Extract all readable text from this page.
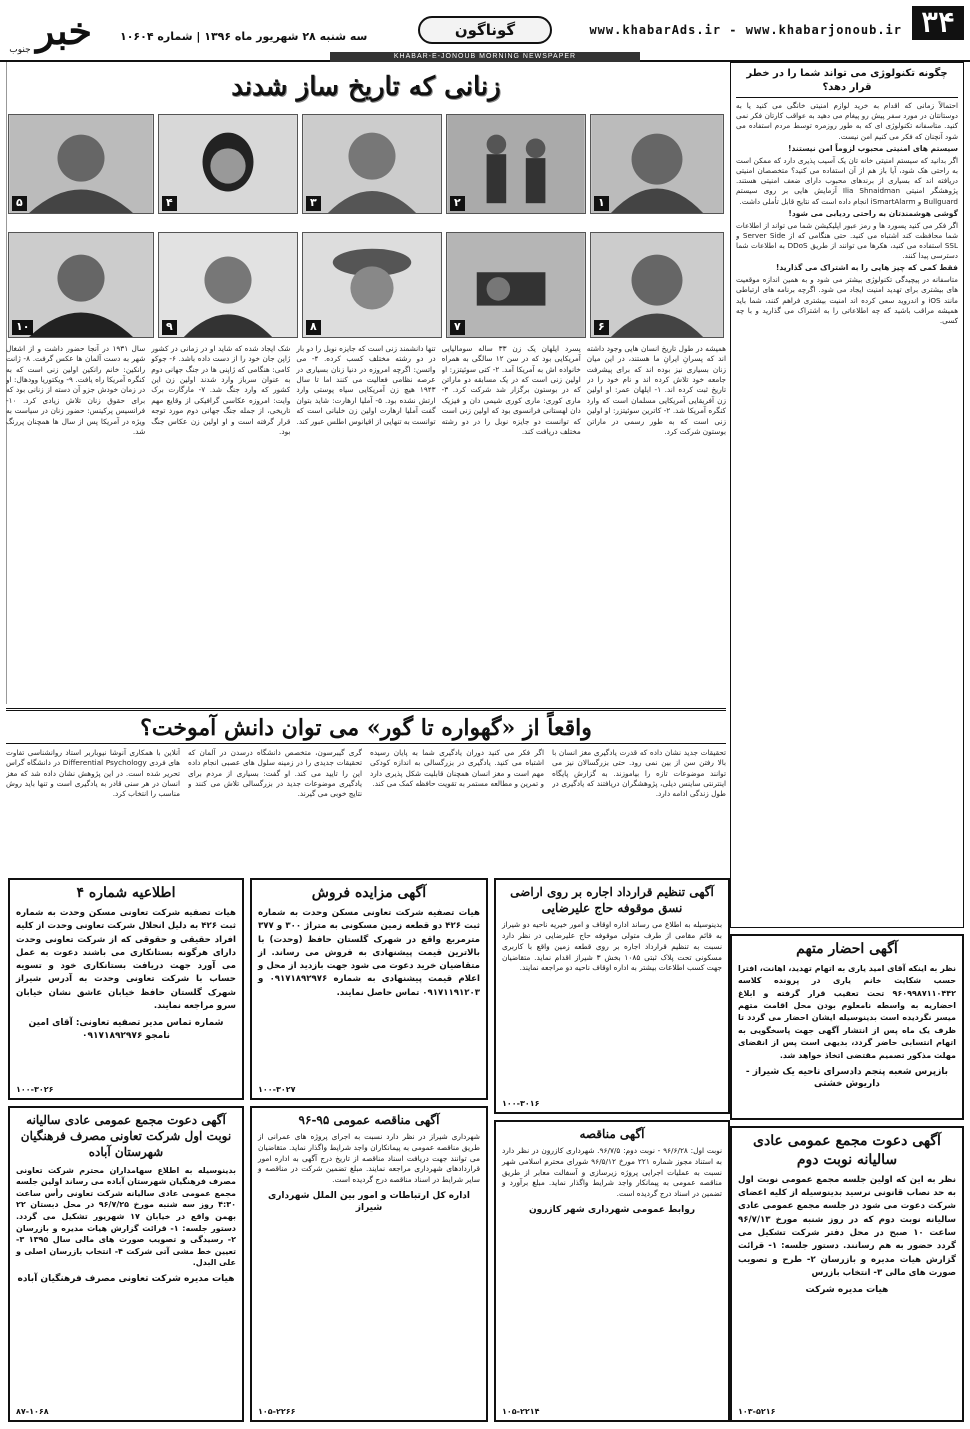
۳۴
www.khabarAds.ir - www.khabarjonoub.ir
گوناگون
سه شنبه ۲۸ شهریور ماه ۱۳۹۶ | شماره ۱۰۶۰۴
خبر
جنوب
KHABAR-E-JONOUB MORNING NEWSPAPER
زنانی که تاریخ ساز شدند
۱
۲
۳
۴
۵
۶
۷
۸
۹
۱۰
همیشه در طول تاریخ انسان هایی وجود داشته اند که پسرانِ ایرانِ ما هستند، در این میان زنان بسیاری نیز بوده اند که برای پیشرفت جامعه خود تلاش کرده اند و نام خود را در تاریخ ثبت کرده اند. ۱- ایلهان عمر: او اولین زن آفریقایی آمریکایی مسلمان است که وارد کنگره آمریکا شد. ۲- کاترین سوئیتزر: او اولین زنی است که به طور رسمی در ماراتن بوستون شرکت کرد.
پسرد ایلهان یک زن ۳۳ ساله سومالیایی آمریکایی بود که در سن ۱۲ سالگی به همراه خانواده اش به آمریکا آمد. ۲- کتی سوئیتزر: او اولین زنی است که در یک مسابقه دو ماراتن که در بوستون برگزار شد شرکت کرد. ۳- ماری کوری: ماری کوری شیمی دان و فیزیک دان لهستانی فرانسوی بود که اولین زنی است که توانست دو جایزه نوبل را در دو رشته مختلف دریافت کند.
تنها دانشمند زنی است که جایزه نوبل را دو بار در دو رشته مختلف کسب کرده. ۴- می واتسن: اگرچه امروزه در دنیا زنان بسیاری در عرصه نظامی فعالیت می کنند اما تا سال ۱۹۴۳ هیچ زن آمریکایی سیاه پوستی وارد ارتش نشده بود. ۵- آملیا ارهارت: شاید بتوان گفت آملیا ارهارت اولین زن خلبانی است که توانست به تنهایی از اقیانوس اطلس عبور کند.
شک ایجاد شده که شاید او در زمانی در کشور ژاپن جان خود را از دست داده باشد. ۶- جوکو کامی: هنگامی که ژاپنی ها در جنگ جهانی دوم به عنوان سرباز وارد شدند اولین زن این کشور که وارد جنگ شد. ۷- مارگارت برک وایت: امروزه عکاسی گرافیکی از وقایع مهم تاریخی، از جمله جنگ جهانی دوم مورد توجه قرار گرفته است و او اولین زن عکاس جنگ بود.
سال ۱۹۳۱ در آنجا حضور داشت و از اشغال شهر به دست آلمان ها عکس گرفت. ۸- ژانت رانکین: خانم رانکین اولین زنی است که به کنگره آمریکا راه یافت. ۹- ویکتوریا وودهال: او در زمان خودش جزو آن دسته از زنانی بود که برای حقوق زنان تلاش زیادی کرد. ۱۰- فرانسیس پرکینس: حضور زنان در سیاست به ویژه در آمریکا پس از سال ها همچنان پررنگ شد.
چگونه تکنولوژی می تواند شما را در خطر قرار دهد؟

احتمالاً زمانی که اقدام به خرید لوازم امنیتی خانگی می کنید یا به دوستانتان در مورد سفر پیش رو پیغام می دهید به عواقب کارتان فکر نمی کنید. متاسفانه تکنولوژی ای که به طور روزمره توسط مردم استفاده می شود آنچنان که فکر می کنیم امن نیست.

سیستم های امنیتی محبوب لزوماً امن نیستند!

اگر بدانید که سیستم امنیتی خانه تان یک آسیب پذیری دارد که ممکن است به راحتی هک شود، آیا باز هم از آن استفاده می کنید؟ متخصصان امنیتی دریافته اند که بسیاری از برندهای محبوب دارای ضعف امنیتی هستند. پژوهشگر امنیتی Ilia Shnaidman آزمایش هایی بر روی سیستم Bullguard و iSmartAlarm انجام داده است که نتایج قابل تأملی داشت.

گوشی هوشمندتان به راحتی ردیابی می شود!

اگر فکر می کنید پسورد ها و رمز عبور اپلیکیشن شما می تواند از اطلاعات شما محافظت کند اشتباه می کنید. حتی هنگامی که از Server Side و SSL استفاده می کنید، هکرها می توانند از طریق DDoS به اطلاعات شما دسترسی پیدا کنند.

فقط کمی که چیز هایی را به اشتراک می گذارید!

متاسفانه در پیچیدگی تکنولوژی بیشتر می شود و به همین اندازه موقعیت های بیشتری برای تهدید امنیت ایجاد می شود. اگرچه برنامه های ارتباطی مانند iOS و اندروید سعی کرده اند امنیت بیشتری فراهم کنند، شما باید همیشه مراقب باشید که چه اطلاعاتی را به اشتراک می گذارید و با چه کسی.

واقعاً از «گهواره تا گور» می توان دانش آموخت؟
تحقیقات جدید نشان داده که قدرت یادگیری مغز انسان با بالا رفتن سن از بین نمی رود. حتی بزرگسالان نیز می توانند موضوعات تازه را بیاموزند. به گزارش پایگاه اینترنتی ساینس دیلی، پژوهشگران دریافتند که یادگیری در طول زندگی ادامه دارد.
اگر فکر می کنید دوران یادگیری شما به پایان رسیده اشتباه می کنید. یادگیری در بزرگسالی به اندازه کودکی مهم است و مغز انسان همچنان قابلیت شکل پذیری دارد و تمرین و مطالعه مستمر به تقویت حافظه کمک می کند.
گری گیبرسون، متخصص دانشگاه درسدن در آلمان که تحقیقات جدیدی را در زمینه سلول های عصبی انجام داده این را تایید می کند. او گفت: بسیاری از مردم برای یادگیری موضوعات جدید در بزرگسالی تلاش می کنند و نتایج خوبی می گیرند.
آنلاین با همکاری آنوشا نیوباربر استاد روانشناسی تفاوت های فردی Differential Psychology در دانشگاه گراس تحریر شده است. در این پژوهش نشان داده شد که مغز انسان در هر سنی قادر به یادگیری است و تنها باید روش مناسب را انتخاب کرد.
اطلاعیه شماره ۴

هیات تصفیه شرکت تعاونی مسکن وحدت به شماره ثبت ۴۲۶ به دلیل انحلال شرکت تعاونی وحدت از کلیه افراد حقیقی و حقوقی که از شرکت تعاونی وحدت دارای هرگونه بستانکاری می باشند دعوت به عمل می آورد جهت دریافت بستانکاری خود و تسویه حساب با شرکت تعاونی وحدت به آدرس شیراز شهرک گلستان حافظ خیابان عاشق نشان خیابان سرو مراجعه نمایند.

شماره تماس مدیر تصفیه تعاونی: آقای امین نامجو ۰۹۱۷۱۸۹۲۹۷۶
۱۰۰-۳۰۲۶
آگهی مزایده فروش

هیات تصفیه شرکت تعاونی مسکن وحدت به شماره ثبت ۴۲۶ دو قطعه زمین مسکونی به متراژ ۳۰۰ و ۳۷۷ مترمربع واقع در شهرک گلستان حافظ (وحدت) با بالاترین قیمت پیشنهادی به فروش می رساند. از متقاضیان خرید دعوت می شود جهت بازدید از محل و اعلام قیمت پیشنهادی به شماره ۰۹۱۷۱۸۹۲۹۷۶ و ۰۹۱۷۱۱۹۱۲۰۳ تماس حاصل نمایند.

۱۰۰-۳۰۲۷
آگهی تنظیم قرارداد اجاره بر روی اراضی نسق موقوفه حاج علیرضایی

بدینوسیله به اطلاع می رساند اداره اوقاف و امور خیریه ناحیه دو شیراز به قائم مقامی از طرف متولی موقوفه حاج علیرضایی در نظر دارد نسبت به تنظیم قرارداد اجاره بر روی قطعه زمین واقع با کاربری مسکونی تحت پلاک ثبتی ۱۰۸۵ بخش ۳ شیراز اقدام نماید. متقاضیان جهت کسب اطلاعات بیشتر به اداره اوقاف ناحیه دو مراجعه نمایند.

۱۰۰-۳۰۱۶
آگهی احضار متهم

نظر به اینکه آقای امید یاری به اتهام تهدید، اهانت، افترا حسب شکایت خانم یاری در پرونده کلاسه ۹۶۰۹۹۸۷۱۱۰۴۴۲ تحت تعقیب قرار گرفته و ابلاغ احضاریه به واسطه نامعلوم بودن محل اقامت متهم میسر نگردیده است بدینوسیله ایشان احضار می گردد تا ظرف یک ماه پس از انتشار آگهی جهت پاسخگویی به اتهام انتسابی حاضر گردد، بدیهی است پس از انقضای مهلت مذکور تصمیم مقتضی اتخاذ خواهد شد.

بازپرس شعبه پنجم دادسرای ناحیه یک شیراز - داریوش خشتی
آگهی دعوت مجمع عمومی عادی سالیانه نوبت دوم

نظر به این که اولین جلسه مجمع عمومی نوبت اول به حد نصاب قانونی نرسید بدینوسیله از کلیه اعضای شرکت دعوت می شود در جلسه مجمع عمومی عادی سالیانه نوبت دوم که در روز شنبه مورخ ۹۶/۷/۱۳ ساعت ۱۰ صبح در محل دفتر شرکت تشکیل می گردد حضور به هم رسانند. دستور جلسه: ۱- قرائت گزارش هیات مدیره و بازرسان ۲- طرح و تصویب صورت های مالی ۳- انتخاب بازرس

هیات مدیره شرکت
۱۰۳-۵۲۱۶
آگهی دعوت مجمع عمومی عادی سالیانه نوبت اول شرکت تعاونی مصرف فرهنگیان شهرستان آباده

بدینوسیله به اطلاع سهامداران محترم شرکت تعاونی مصرف فرهنگیان شهرستان آباده می رساند اولین جلسه مجمع عمومی عادی سالیانه شرکت تعاونی رأس ساعت ۴:۳۰ روز سه شنبه مورخ ۹۶/۷/۲۵ در محل دبستان ۲۲ بهمن واقع در خیابان ۱۷ شهریور تشکیل می گردد. دستور جلسه: ۱- قرائت گزارش هیات مدیره و بازرسان ۲- رسیدگی و تصویب صورت های مالی سال ۱۳۹۵ ۳- تعیین خط مشی آتی شرکت ۴- انتخاب بازرسان اصلی و علی البدل.

هیات مدیره شرکت تعاونی مصرف فرهنگیان آباده
۸۷-۱۰۶۸
آگهی مناقصه عمومی ۹۵-۹۶

شهرداری شیراز در نظر دارد نسبت به اجرای پروژه های عمرانی از طریق مناقصه عمومی به پیمانکاران واجد شرایط واگذار نماید. متقاضیان می توانند جهت دریافت اسناد مناقصه از تاریخ درج آگهی به اداره امور قراردادهای شهرداری مراجعه نمایند. مبلغ تضمین شرکت در مناقصه و سایر شرایط در اسناد مناقصه درج گردیده است.

اداره کل ارتباطات و امور بین الملل شهرداری شیراز
۱۰۵-۲۲۶۶
آگهی مناقصه

نوبت اول: ۹۶/۶/۲۸ - نوبت دوم: ۹۶/۷/۵. شهرداری کازرون در نظر دارد به استناد مجوز شماره ۲۲۱ مورخ ۹۶/۵/۱۲ شورای محترم اسلامی شهر نسبت به عملیات اجرایی پروژه زیرسازی و آسفالت معابر از طریق مناقصه عمومی به پیمانکار واجد شرایط واگذار نماید. مبلغ برآورد و تضمین در اسناد درج گردیده است.

روابط عمومی شهرداری شهر کازرون
۱۰۵-۲۲۱۴
